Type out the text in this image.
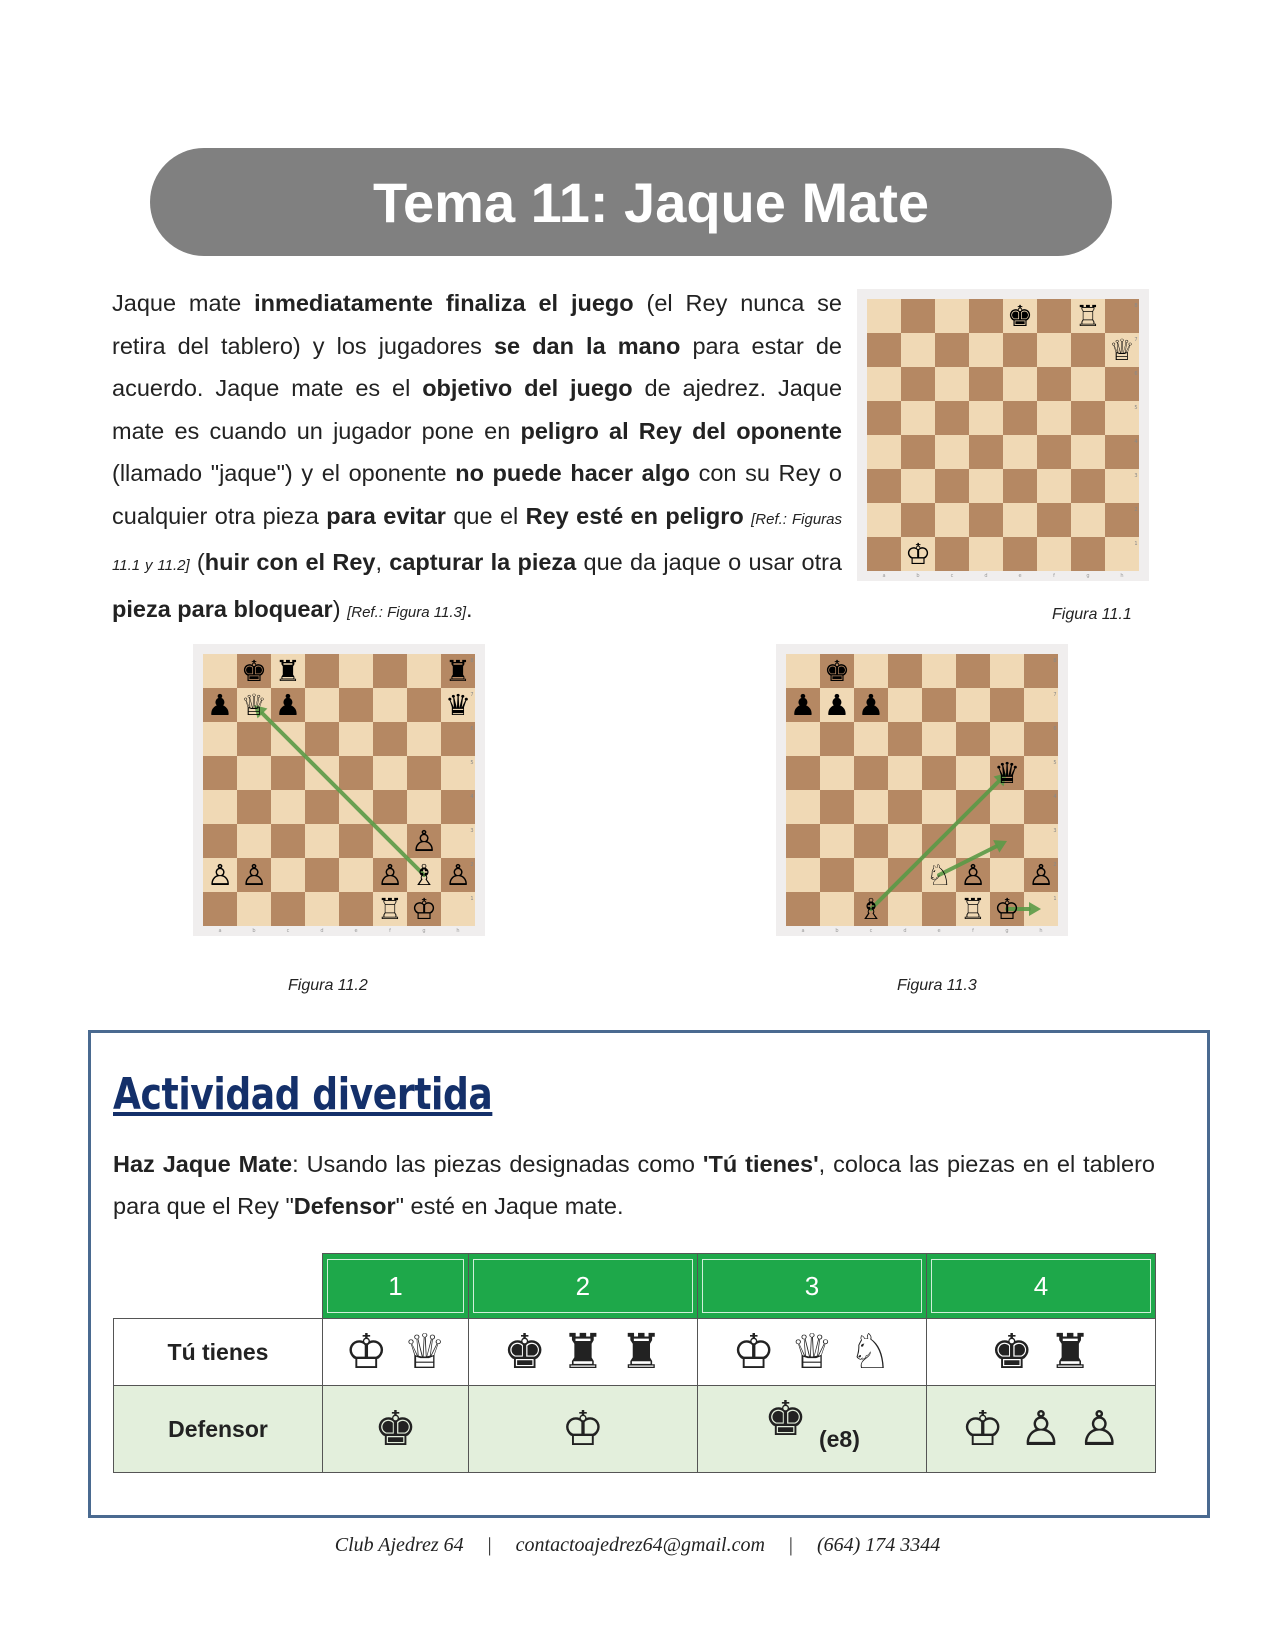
Tema 11: Jaque Mate

Jaque mate inmediatamente finaliza el juego (el Rey nunca se retira del tablero) y los jugadores se dan la mano para estar de acuerdo. Jaque mate es el objetivo del juego de ajedrez. Jaque mate es cuando un jugador pone en peligro al Rey del oponente (llamado "jaque") y el oponente no puede hacer algo con su Rey o cualquier otra pieza para evitar que el Rey esté en peligro [Ref.: Figuras 11.1 y 11.2] (huir con el Rey, capturar la pieza que da jaque o usar otra pieza para bloquear) [Ref.: Figura 11.3].

a	b	c	d	e	f	g	h
1
2
3
4
5
6
7
8
♚ ♖
♕
♔
Figura 11.1
a	b	c	d	e	f	g	h
1
2
3
4
5
6
7
8
♚ ♜	♜
♟ ♕ ♟	♛
♙
♙ ♙	♙ ♗ ♙
♖ ♔
Figura 11.2
a	b	c	d	e	f	g	h
1
2
3
4
5
6
7
8
♚
♟ ♟ ♟
♛
♘ ♙ ♙
♗	♖ ♔
Figura 11.3
Actividad divertida

Haz Jaque Mate: Usando las piezas designadas como 'Tú tienes', coloca las piezas en el tablero para que el Rey "Defensor" esté en Jaque mate.

	1	2	3	4

Tú tienes	♔ ♕	♚ ♜ ♜	♔ ♕ ♘	♚ ♜
Defensor	♚	♔	♚ $_{(e8)}$	♔ ♙ ♙
Club Ajedrez 64 | contactoajedrez64@gmail.com | (664) 174 3344
